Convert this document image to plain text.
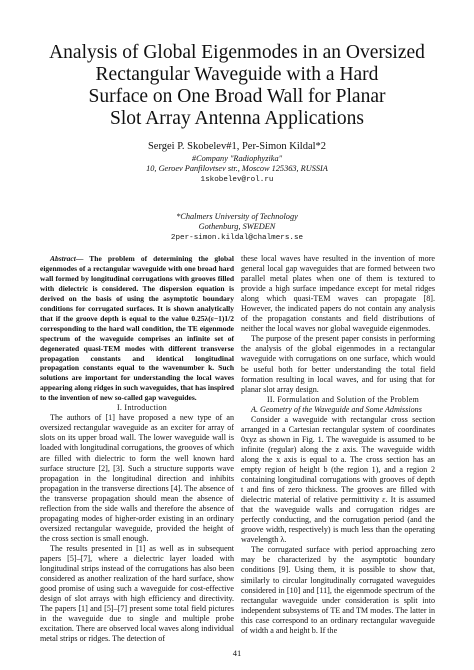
Analysis of Global Eigenmodes in an Oversized
Rectangular Waveguide with a Hard
Surface on One Broad Wall for Planar
Slot Array Antenna Applications
Sergei P. Skobelev#1, Per-Simon Kildal*2
#Company "Radiophyzika"
10, Geroev Panfilovtsev str., Moscow 125363, RUSSIA
1skobelev@rol.ru
*Chalmers University of Technology
Gothenburg, SWEDEN
2per-simon.kildal@chalmers.se

Abstract— The problem of determining the global eigenmodes of a rectangular waveguide with one broad hard wall formed by longitudinal corrugations with grooves filled with dielectric is considered. The dispersion equation is derived on the basis of using the asymptotic boundary conditions for corrugated surfaces. It is shown analytically that if the groove depth is equal to the value 0.25λ(ε−1)1/2 corresponding to the hard wall condition, the TE eigenmode spectrum of the waveguide comprises an infinite set of degenerated quasi-TEM modes with different transverse propagation constants and identical longitudinal propagation constants equal to the wavenumber k. Such solutions are important for understanding the local waves appearing along ridges in such waveguides, that has inspired to the invention of new so-called gap waveguides.

I. Introduction

The authors of [1] have proposed a new type of an oversized rectangular waveguide as an exciter for array of slots on its upper broad wall. The lower waveguide wall is loaded with longitudinal corrugations, the grooves of which are filled with dielectric to form the well known hard surface structure [2], [3]. Such a structure supports wave propagation in the longitudinal direction and inhibits propagation in the transverse directions [4]. The absence of the transverse propagation should mean the absence of reflection from the side walls and therefore the absence of propagating modes of higher-order existing in an ordinary oversized rectangular waveguide, provided the height of the cross section is small enough.

The results presented in [1] as well as in subsequent papers [5]–[7], where a dielectric layer loaded with longitudinal strips instead of the corrugations has also been considered as another realization of the hard surface, show good promise of using such a waveguide for cost-effective design of slot arrays with high efficiency and directivity. The papers [1] and [5]–[7] present some total field pictures in the waveguide due to single and multiple probe excitation. There are observed local waves along individual metal strips or ridges. The detection of

these local waves have resulted in the invention of more general local gap waveguides that are formed between two parallel metal plates when one of them is textured to provide a high surface impedance except for metal ridges along which quasi-TEM waves can propagate [8]. However, the indicated papers do not contain any analysis of the propagation constants and field distributions of neither the local waves nor global waveguide eigenmodes.

The purpose of the present paper consists in performing the analysis of the global eigenmodes in a rectangular waveguide with corrugations on one surface, which would be useful both for better understanding the total field formation resulting in local waves, and for using that for planar slot array design.

II. Formulation and Solution of the Problem

A. Geometry of the Waveguide and Some Admissions

Consider a waveguide with rectangular cross section arranged in a Cartesian rectangular system of coordinates 0xyz as shown in Fig. 1. The waveguide is assumed to be infinite (regular) along the z axis. The waveguide width along the x axis is equal to a. The cross section has an empty region of height b (the region 1), and a region 2 containing longitudinal corrugations with grooves of depth t and fins of zero thickness. The grooves are filled with dielectric material of relative permittivity ε. It is assumed that the waveguide walls and corrugation ridges are perfectly conducting, and the corrugation period (and the groove width, respectively) is much less than the operating wavelength λ.

The corrugated surface with period approaching zero may be characterized by the asymptotic boundary conditions [9]. Using them, it is possible to show that, similarly to circular longitudinally corrugated waveguides considered in [10] and [11], the eigenmode spectrum of the rectangular waveguide under consideration is split into independent subsystems of TE and TM modes. The latter in this case correspond to an ordinary rectangular waveguide of width a and height b. If the

41
